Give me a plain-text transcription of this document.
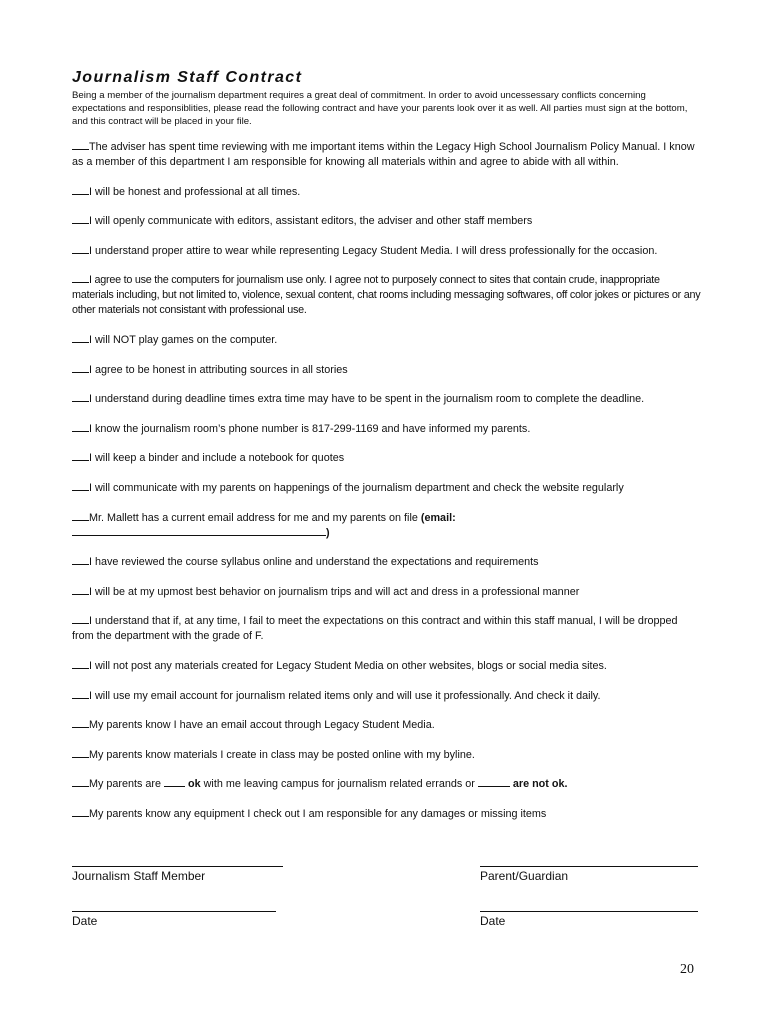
Journalism Staff Contract

Being a member of the journalism department requires a great deal of commitment. In order to avoid uncessessary conflicts concerning expectations and responsiblities, please read the following contract and have your parents look over it as well. All parties must sign at the bottom, and this contract will be placed in your file.

The adviser has spent time reviewing with me important items within the Legacy High School Journalism Policy Manual. I know as a member of this department I am responsible for knowing all materials within and agree to abide with all within.

I will be honest and professional at all times.

I will openly communicate with editors, assistant editors, the adviser and other staff members

I understand proper attire to wear while representing Legacy Student Media. I will dress professionally for the occasion.

I agree to use the computers for journalism use only. I agree not to purposely connect to sites that contain crude, inappropriate materials including, but not limited to, violence, sexual content, chat rooms including messaging softwares, off color jokes or pictures or any other materials not consistant with professional use.

I will NOT play games on the computer.

I agree to be honest in attributing sources in all stories

I understand during deadline times extra time may have to be spent in the journalism room to complete the deadline.

I know the journalism room’s phone number is 817-299-1169 and have informed my parents.

I will keep a binder and include a notebook for quotes

I will communicate with my parents on happenings of the journalism department and check the website regularly

Mr. Mallett has a current email address for me and my parents on file (email:)

I have reviewed the course syllabus online and understand the expectations and requirements

I will be at my upmost best behavior on journalism trips and will act and dress in a professional manner

I understand that if, at any time, I fail to meet the expectations on this contract and within this staff manual, I will be dropped from the department with the grade of F.

I will not post any materials created for Legacy Student Media on other websites, blogs or social media sites.

I will use my email account for journalism related items only and will use it professionally. And check it daily.

My parents know I have an email accout through Legacy Student Media.

My parents know materials I create in class may be posted online with my byline.

My parents are  ok with me leaving campus for journalism related errands or	are not ok.

My parents know any equipment I check out I am responsible for any damages or missing items

Journalism Staff Member	Parent/Guardian

Date	Date

20
